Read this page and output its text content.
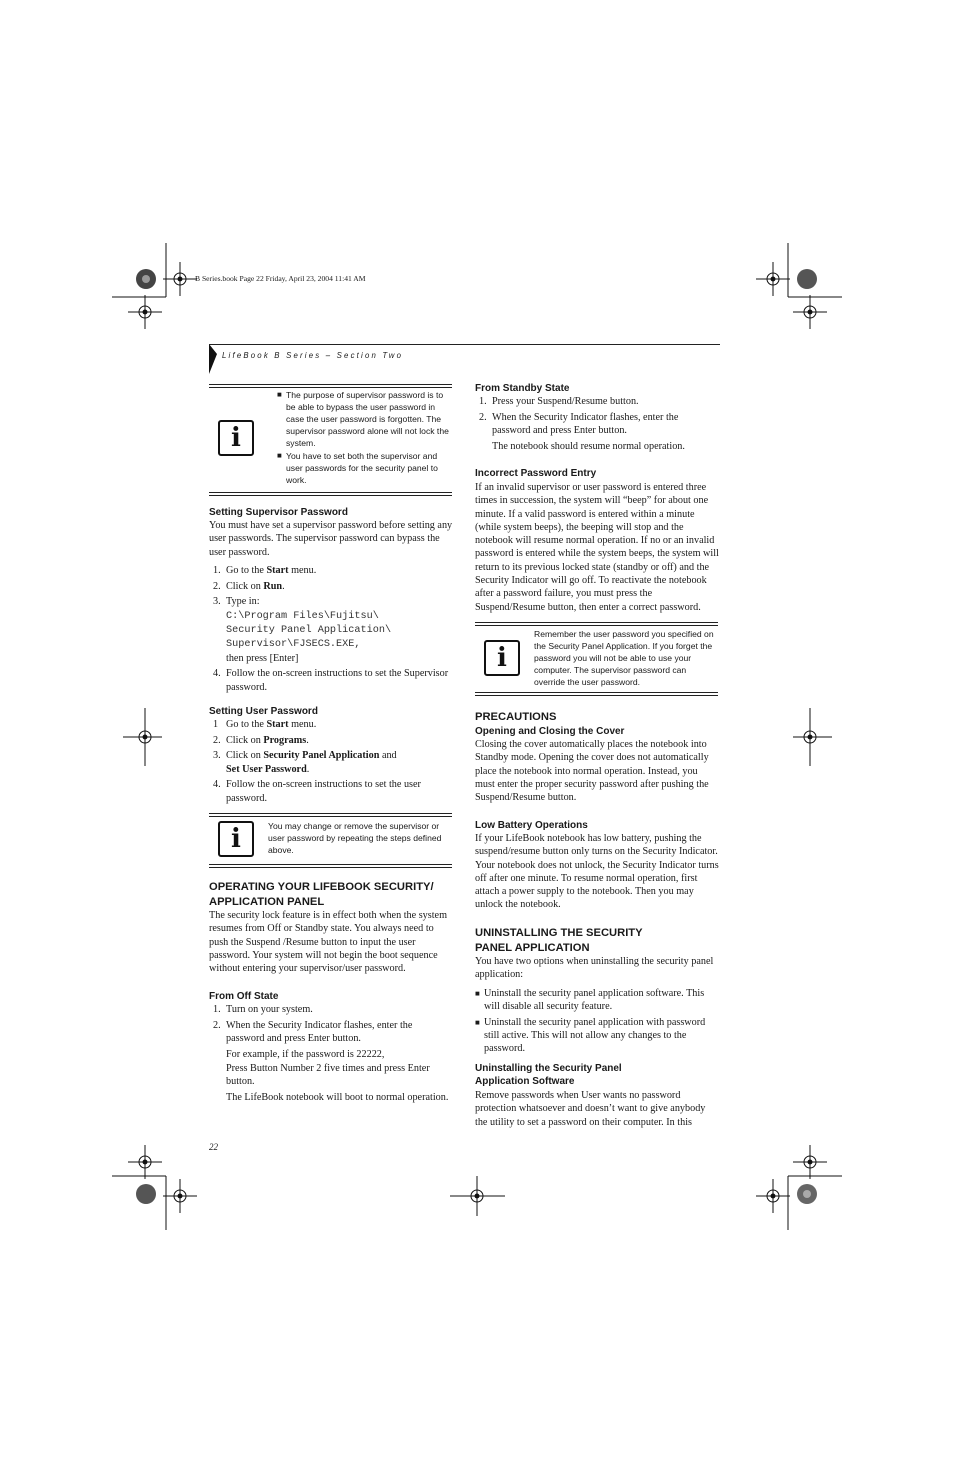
B Series.book Page 22 Friday, April 23, 2004 11:41 AM
LifeBook B Series – Section Two
i
■ The purpose of supervisor password is to be able to bypass the user password in case the user password is forgotten. The supervisor password alone will not lock the system.
■ You have to set both the supervisor and user passwords for the security panel to work.
Setting Supervisor Password

You must have set a supervisor password before setting any user passwords. The supervisor password can bypass the user password.

1. Go to the Start menu.
2. Click on Run.
3. Type in:
C:\Program Files\Fujitsu\
Security Panel Application\
Supervisor\FJSECS.EXE,
then press [Enter]
4. Follow the on-screen instructions to set the Supervisor password.
Setting User Password
1 Go to the Start menu.
2. Click on Programs.
3. Click on Security Panel Application and
Set User Password.
4. Follow the on-screen instructions to set the user password.
i	You may change or remove the supervisor or user password by repeating the steps defined above.

OPERATING YOUR LIFEBOOK SECURITY/
APPLICATION PANEL

The security lock feature is in effect both when the system resumes from Off or Standby state. You always need to push the Suspend /Resume button to input the user password. Your system will not begin the boot sequence without entering your supervisor/user password.

From Off State
1. Turn on your system.
2. When the Security Indicator flashes, enter the password and press Enter button.
For example, if the password is 22222,
Press Button Number 2 five times and press Enter button.
The LifeBook notebook will boot to normal operation.
22
From Standby State
1. Press your Suspend/Resume button.
2. When the Security Indicator flashes, enter the password and press Enter button.
The notebook should resume normal operation.
Incorrect Password Entry

If an invalid supervisor or user password is entered three times in succession, the system will “beep” for about one minute. If a valid password is entered within a minute (while system beeps), the beeping will stop and the notebook will resume normal operation. If no or an invalid password is entered while the system beeps, the system will return to its previous locked state (standby or off) and the Security Indicator will go off. To reactivate the notebook after a password failure, you must press the Suspend/Resume button, then enter a correct password.

i

Remember the user password you specified on the Security Panel Application. If you forget the password you will not be able to use your computer. The supervisor password can override the user password.

PRECAUTIONS
Opening and Closing the Cover

Closing the cover automatically places the notebook into Standby mode. Opening the cover does not automatically place the notebook into normal operation. Instead, you must enter the proper security password after pushing the Suspend/Resume button.

Low Battery Operations

If your LifeBook notebook has low battery, pushing the suspend/resume button only turns on the Security Indicator. Your notebook does not unlock, the Security Indicator turns off after one minute. To resume normal operation, first attach a power supply to the notebook. Then you may unlock the notebook.

UNINSTALLING THE SECURITY
PANEL APPLICATION

You have two options when uninstalling the security panel application:

■ Uninstall the security panel application software. This will disable all security feature.
■ Uninstall the security panel application with password still active. This will not allow any changes to the password.
Uninstalling the Security Panel
Application Software

Remove passwords when User wants no password protection whatsoever and doesn’t want to give anybody the utility to set a password on their computer. In this
